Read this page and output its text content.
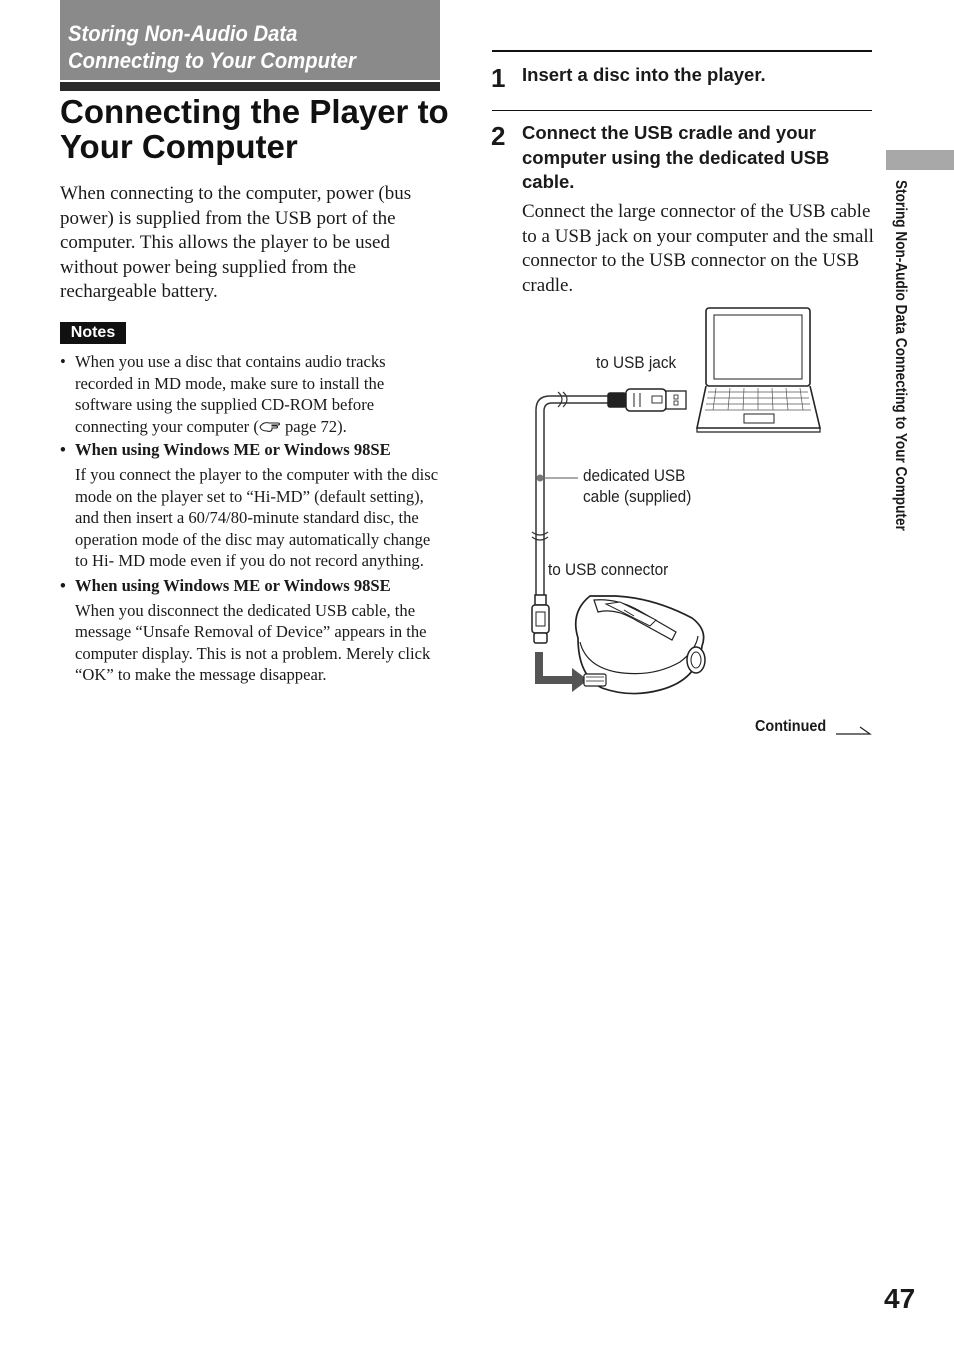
Storing Non-Audio Data Connecting to Your Computer
Connecting the Player to Your Computer

When connecting to the computer, power (bus power) is supplied from the USB port of the computer. This allows the player to be used without power being supplied from the rechargeable battery.

Notes
• When you use a disc that contains audio tracks recorded in MD mode, make sure to install the software using the supplied CD-ROM before connecting your computer ( page 72).
• When using Windows ME or Windows 98SE
If you connect the player to the computer with the disc mode on the player set to “Hi-MD” (default setting), and then insert a 60/74/80-minute standard disc, the operation mode of the disc may automatically change to Hi- MD mode even if you do not record anything.
• When using Windows ME or Windows 98SE
When you disconnect the dedicated USB cable, the message “Unsafe Removal of Device” appears in the computer display. This is not a problem. Merely click “OK” to make the message disappear.
1 Insert a disc into the player.
2 Connect the USB cradle and your computer using the dedicated USB cable.

Connect the large connector of the USB cable to a USB jack on your computer and the small connector to the USB connector on the USB cradle.

to USB jack
dedicated USB cable (supplied)
to USB connector
Continued
Storing Non-Audio Data Connecting to Your Computer
47
